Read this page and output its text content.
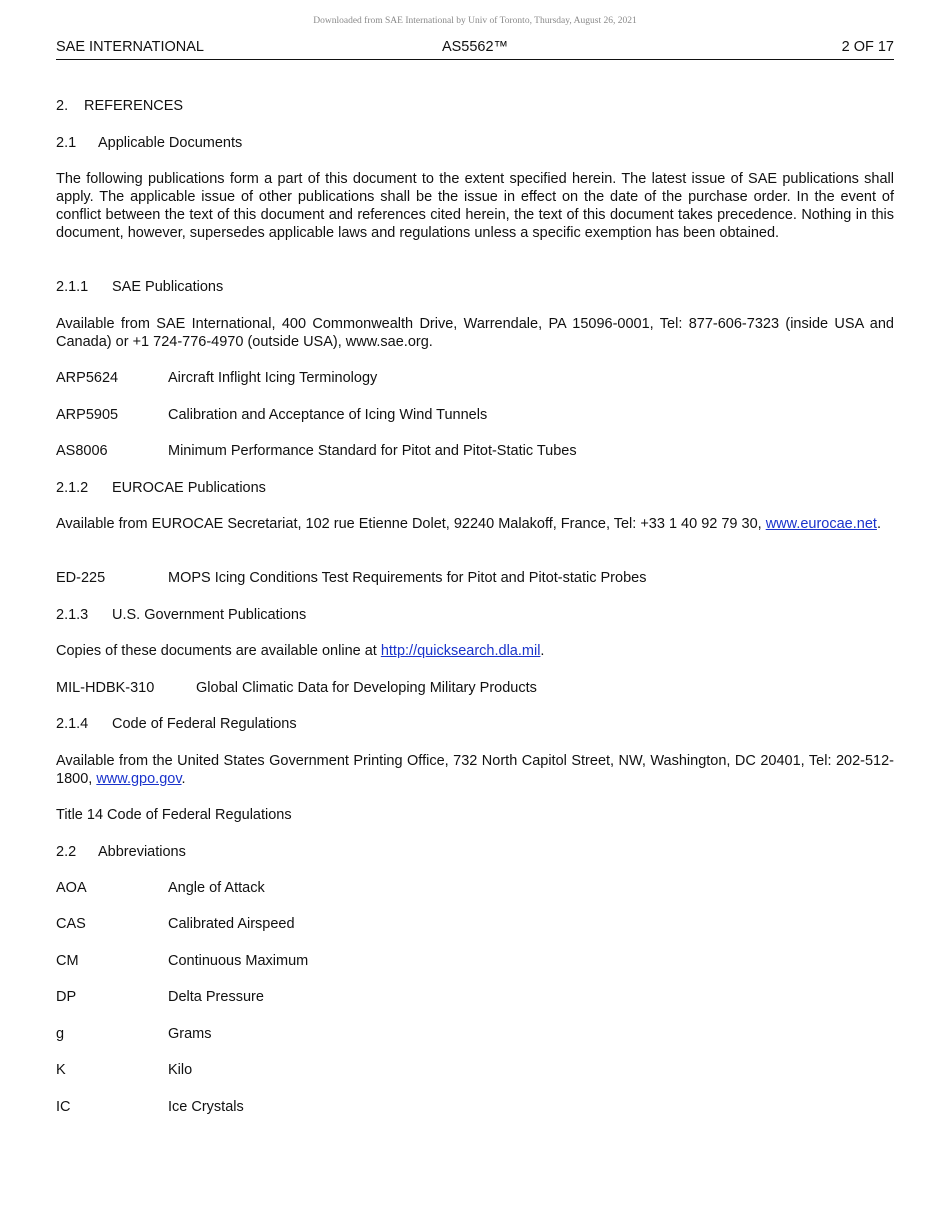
Downloaded from SAE International by Univ of Toronto, Thursday, August 26, 2021
SAE INTERNATIONAL	AS5562™	2 OF 17
2. REFERENCES
2.1 Applicable Documents
The following publications form a part of this document to the extent specified herein. The latest issue of SAE publications shall apply. The applicable issue of other publications shall be the issue in effect on the date of the purchase order. In the event of conflict between the text of this document and references cited herein, the text of this document takes precedence. Nothing in this document, however, supersedes applicable laws and regulations unless a specific exemption has been obtained.
2.1.1 SAE Publications
Available from SAE International, 400 Commonwealth Drive, Warrendale, PA 15096-0001, Tel: 877-606-7323 (inside USA and Canada) or +1 724-776-4970 (outside USA), www.sae.org.
ARP5624	Aircraft Inflight Icing Terminology
ARP5905	Calibration and Acceptance of Icing Wind Tunnels
AS8006	Minimum Performance Standard for Pitot and Pitot-Static Tubes
2.1.2 EUROCAE Publications
Available from EUROCAE Secretariat, 102 rue Etienne Dolet, 92240 Malakoff, France, Tel: +33 1 40 92 79 30, www.eurocae.net.
ED-225	MOPS Icing Conditions Test Requirements for Pitot and Pitot-static Probes
2.1.3 U.S. Government Publications
Copies of these documents are available online at http://quicksearch.dla.mil.
MIL-HDBK-310	Global Climatic Data for Developing Military Products
2.1.4 Code of Federal Regulations
Available from the United States Government Printing Office, 732 North Capitol Street, NW, Washington, DC 20401, Tel: 202-512-1800, www.gpo.gov.
Title 14 Code of Federal Regulations
2.2 Abbreviations
AOA	Angle of Attack
CAS	Calibrated Airspeed
CM	Continuous Maximum
DP	Delta Pressure
g	Grams
K	Kilo
IC	Ice Crystals
